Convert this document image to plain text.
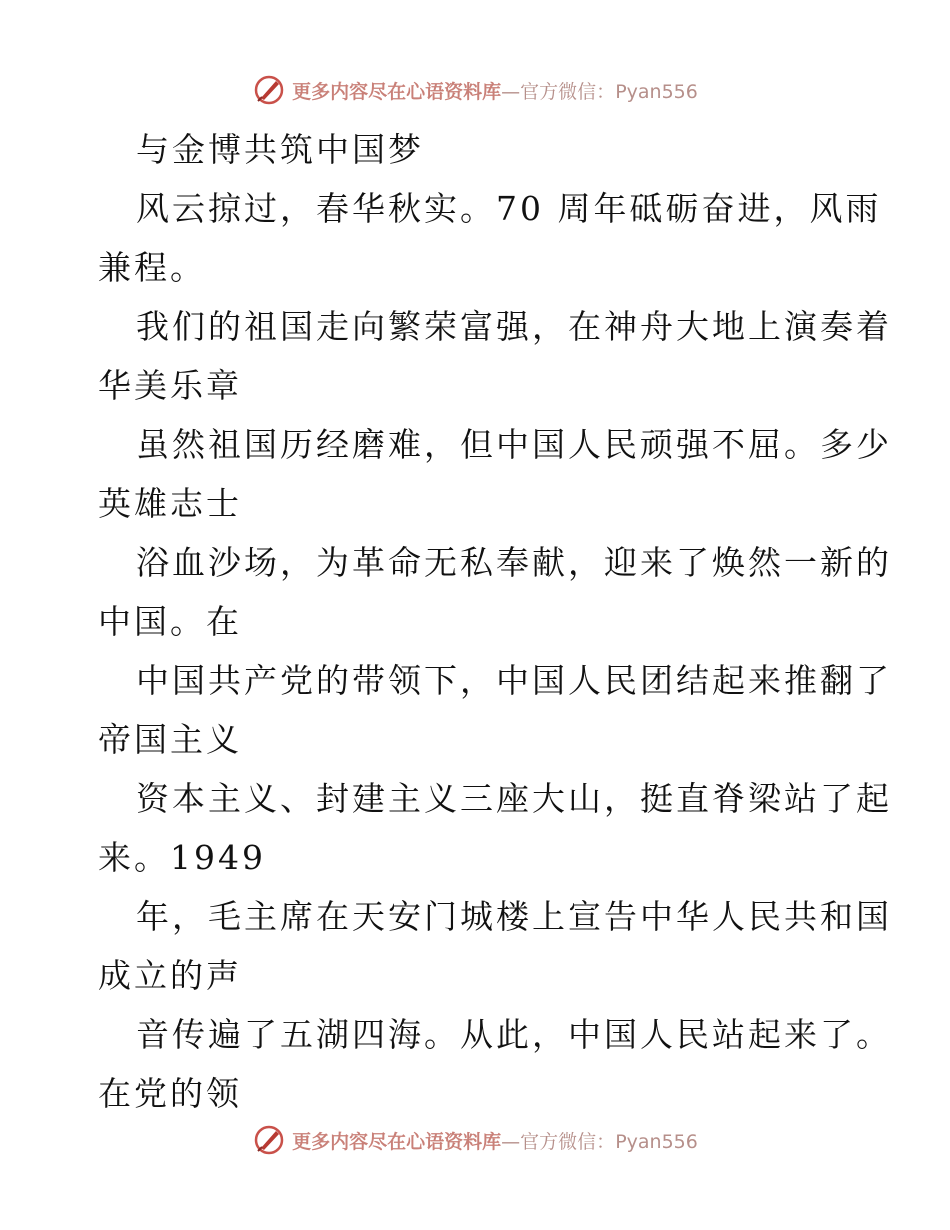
更多内容尽在心语资料库—官方微信：Pyan556
与金博共筑中国梦
风云掠过，春华秋实。70 周年砥砺奋进，风雨
兼程。
我们的祖国走向繁荣富强，在神舟大地上演奏着
华美乐章
虽然祖国历经磨难，但中国人民顽强不屈。多少
英雄志士
浴血沙场，为革命无私奉献，迎来了焕然一新的
中国。在
中国共产党的带领下，中国人民团结起来推翻了
帝国主义
资本主义、封建主义三座大山，挺直脊梁站了起
来。1949
年，毛主席在天安门城楼上宣告中华人民共和国
成立的声
音传遍了五湖四海。从此，中国人民站起来了。
在党的领
更多内容尽在心语资料库—官方微信：Pyan556
